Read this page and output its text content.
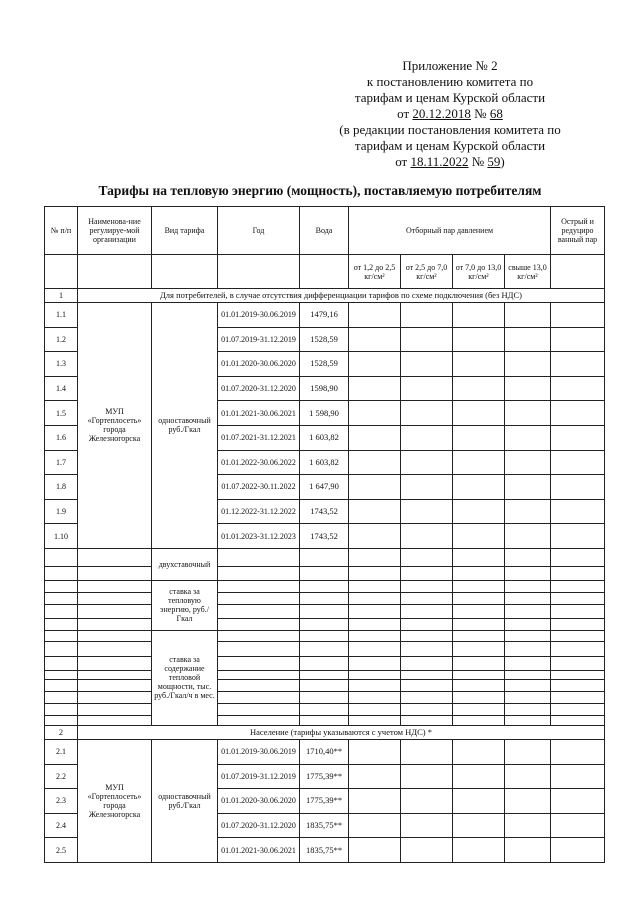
Приложение № 2
к постановлению комитета по
тарифам и ценам Курской области
от 20.12.2018 № 68
(в редакции постановления комитета по
тарифам и ценам Курской области
от 18.11.2022 № 59)
Тарифы на тепловую энергию (мощность), поставляемую потребителям
№ п/п	Наименова-ние регулируе-мой организации	Вид тарифа	Год	Вода	Отборный пар давлением				Острый и редуциро ванный пар
					от 1,2 до 2,5 кг/см²	от 2,5 до 7,0 кг/см²	от 7,0 до 13,0 кг/см²	свыше 13,0 кг/см²	
1	Для потребителей, в случае отсутствия дифференциации тарифов по схеме подключения (без НДС)								
1.1	МУП «Гортеплосеть» города Железногорска	одноставочный руб./Гкал	01.01.2019-30.06.2019	1479,16					
1.2			01.07.2019-31.12.2019	1528,59					
1.3			01.01.2020-30.06.2020	1528,59					
1.4			01.07.2020-31.12.2020	1598,90					
1.5			01.01.2021-30.06.2021	1 598,90					
1.6			01.07.2021-31.12.2021	1 603,82					
1.7			01.01.2022-30.06.2022	1 603,82					
1.8			01.07.2022-30.11.2022	1 647,90					
1.9			01.12.2022-31.12.2022	1743,52					
1.10			01.01.2023-31.12.2023	1743,52					
		двухставочный							

		ставка за тепловую энергию, руб./Гкал							

		ставка за содержание тепловой мощности, тыс. руб./Гкал/ч в мес.							

2	Население (тарифы указываются с учетом НДС) *								
2.1	МУП «Гортеплосеть» города Железногорска	одноставочный руб./Гкал	01.01.2019-30.06.2019	1710,40**					
2.2			01.07.2019-31.12.2019	1775,39**					
2.3			01.01.2020-30.06.2020	1775,39**					
2.4			01.07.2020-31.12.2020	1835,75**					
2.5			01.01.2021-30.06.2021	1835,75**					
